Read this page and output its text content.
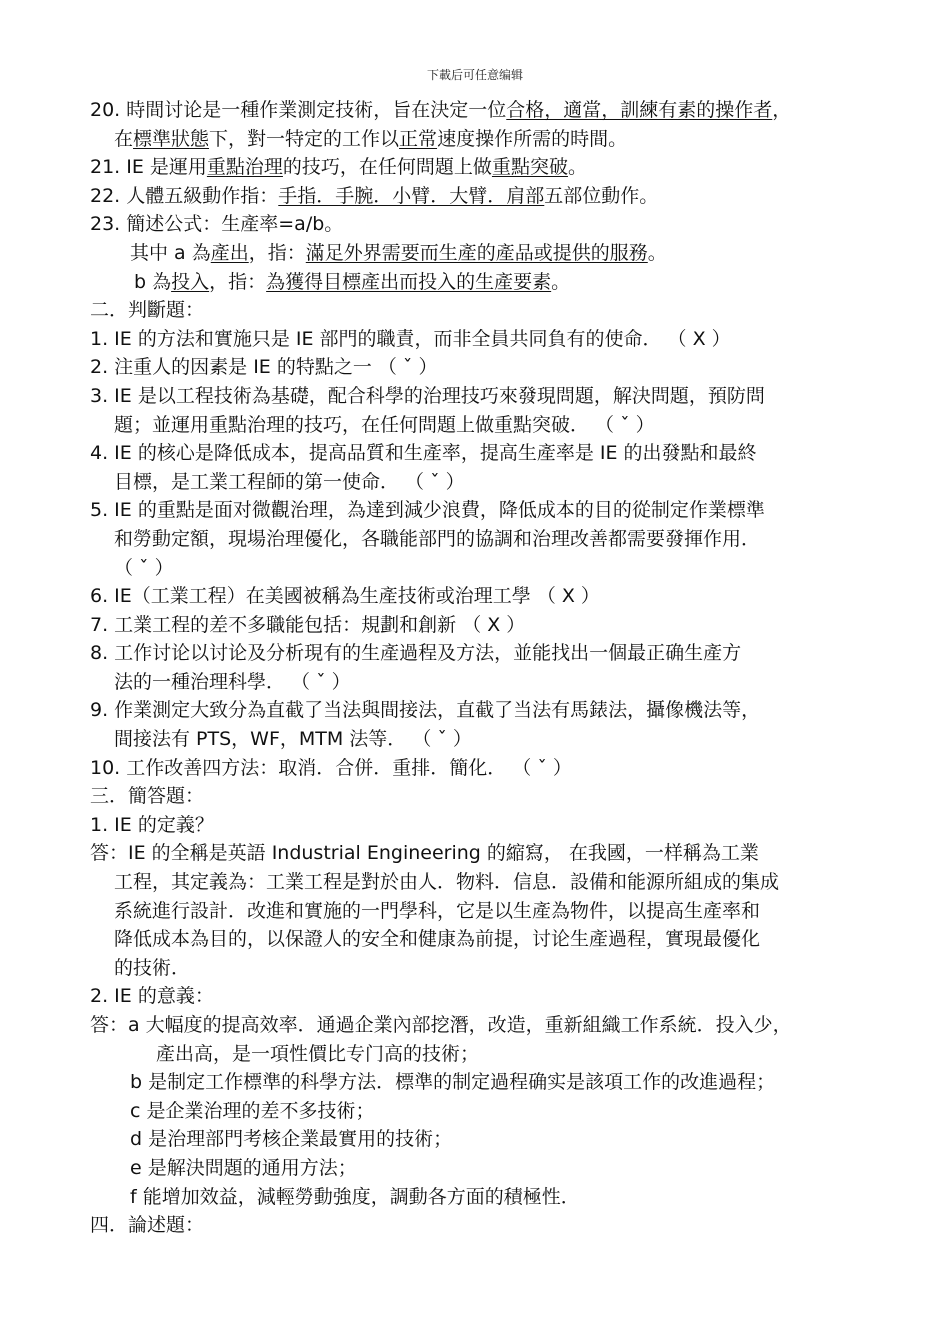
下載后可任意编辑
20. 時間讨论是一種作業測定技術，旨在決定一位合格，適當，訓練有素的操作者，
在標準狀態下，對一特定的工作以正常速度操作所需的時間。
21. IE 是運用重點治理的技巧，在任何問題上做重點突破。
22. 人體五級動作指：手指．手腕．小臂．大臂．肩部五部位動作。
23. 簡述公式：生產率=a/b。
其中 a 為產出，指：滿足外界需要而生產的產品或提供的服務。
b 為投入，指：為獲得目標產出而投入的生產要素。
二．判斷題：
1. IE 的方法和實施只是 IE 部門的職責，而非全員共同負有的使命． （ X ）
2. 注重人的因素是 IE 的特點之一 （ ˇ ）
3. IE 是以工程技術為基礎，配合科學的治理技巧來發現問題，解決問題，預防問
題；並運用重點治理的技巧，在任何問題上做重點突破． （ ˇ ）
4. IE 的核心是降低成本，提高品質和生產率，提高生產率是 IE 的出發點和最終
目標，是工業工程師的第一使命． （ ˇ ）
5. IE 的重點是面对微觀治理，為達到減少浪費，降低成本的目的從制定作業標準
和勞動定額，現場治理優化，各職能部門的協調和治理改善都需要發揮作用．
（ ˇ ）
6. IE（工業工程）在美國被稱為生產技術或治理工學 （ X ）
7. 工業工程的差不多職能包括：規劃和創新 （ X ）
8. 工作讨论以讨论及分析現有的生產過程及方法，並能找出一個最正确生產方
法的一種治理科學． （ ˇ ）
9. 作業測定大致分為直截了当法與間接法，直截了当法有馬錶法，攝像機法等，
間接法有 PTS，WF，MTM 法等． （ ˇ ）
10. 工作改善四方法：取消．合併．重排．簡化． （ ˇ ）
三．簡答題：
1. IE 的定義？
答：IE 的全稱是英語 Industrial Engineering 的縮寫， 在我國，一样稱為工業
工程，其定義為：工業工程是對於由人．物料．信息．設備和能源所組成的集成
系統進行設計．改進和實施的一門學科，它是以生產為物件，以提高生產率和
降低成本為目的，以保證人的安全和健康為前提，讨论生產過程，實現最優化
的技術．
2. IE 的意義：
答：a 大幅度的提高效率．通過企業內部挖潛，改造，重新組織工作系統．投入少，
產出高，是一項性價比专门高的技術；
b 是制定工作標準的科學方法．標準的制定過程确实是該項工作的改進過程；
c 是企業治理的差不多技術；
d 是治理部門考核企業最實用的技術；
e 是解決問題的通用方法；
f 能增加效益，減輕勞動強度，調動各方面的積極性．
四．論述題：
